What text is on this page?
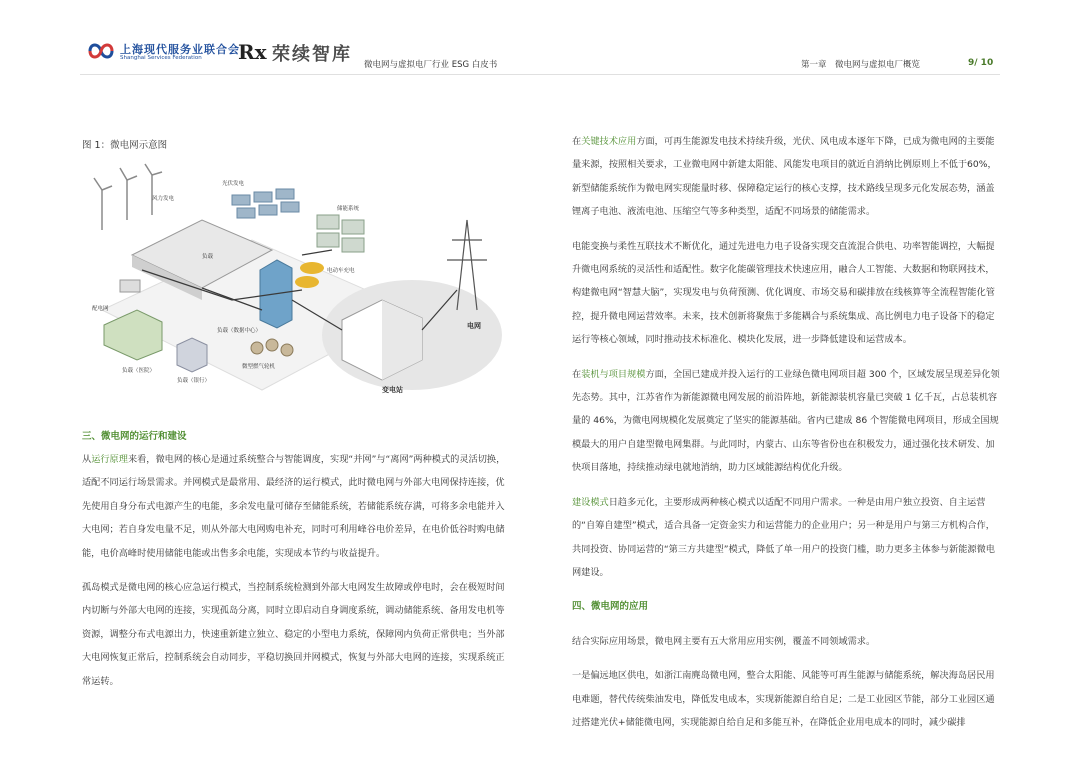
上海现代服务业联合会
Shanghai Services Federation Rx 荣续智库 微电网与虚拟电厂行业 ESG 白皮书	第一章　微电网与虚拟电厂概览	9/ 10
图 1：微电网示意图
风力发电
光伏发电
储能系统
电动车充电
负载
配电网
负载（数据中心）
负载（医院）
负载（银行）
微型燃气轮机
变电站
电网
三、微电网的运行和建设

从运行原理来看，微电网的核心是通过系统整合与智能调度，实现“并网”与“离网”两种模式的灵活切换，适配不同运行场景需求。并网模式是最常用、最经济的运行模式，此时微电网与外部大电网保持连接，优先使用自身分布式电源产生的电能，多余发电量可储存至储能系统，若储能系统存满，可将多余电能并入大电网；若自身发电量不足，则从外部大电网购电补充，同时可利用峰谷电价差异，在电价低谷时购电储能，电价高峰时使用储能电能或出售多余电能，实现成本节约与收益提升。

孤岛模式是微电网的核心应急运行模式，当控制系统检测到外部大电网发生故障或停电时，会在极短时间内切断与外部大电网的连接，实现孤岛分离，同时立即启动自身调度系统，调动储能系统、备用发电机等资源，调整分布式电源出力，快速重新建立独立、稳定的小型电力系统，保障网内负荷正常供电；当外部大电网恢复正常后，控制系统会自动同步，平稳切换回并网模式，恢复与外部大电网的连接，实现系统正常运转。

在关键技术应用方面，可再生能源发电技术持续升级，光伏、风电成本逐年下降，已成为微电网的主要能量来源，按照相关要求，工业微电网中新建太阳能、风能发电项目的就近自消纳比例原则上不低于60%，新型储能系统作为微电网实现能量时移、保障稳定运行的核心支撑，技术路线呈现多元化发展态势，涵盖锂离子电池、液流电池、压缩空气等多种类型，适配不同场景的储能需求。

电能变换与柔性互联技术不断优化，通过先进电力电子设备实现交直流混合供电、功率智能调控，大幅提升微电网系统的灵活性和适配性。数字化能碳管理技术快速应用，融合人工智能、大数据和物联网技术，构建微电网“智慧大脑”，实现发电与负荷预测、优化调度、市场交易和碳排放在线核算等全流程智能化管控，提升微电网运营效率。未来，技术创新将聚焦于多能耦合与系统集成、高比例电力电子设备下的稳定运行等核心领域，同时推动技术标准化、模块化发展，进一步降低建设和运营成本。

在装机与项目规模方面，全国已建成并投入运行的工业绿色微电网项目超 300 个，区域发展呈现差异化领先态势。其中，江苏省作为新能源微电网发展的前沿阵地，新能源装机容量已突破 1 亿千瓦，占总装机容量的 46%，为微电网规模化发展奠定了坚实的能源基础。省内已建成 86 个智能微电网项目，形成全国规模最大的用户自建型微电网集群。与此同时，内蒙古、山东等省份也在积极发力，通过强化技术研发、加快项目落地，持续推动绿电就地消纳，助力区域能源结构优化升级。

建设模式日趋多元化，主要形成两种核心模式以适配不同用户需求。一种是由用户独立投资、自主运营的“自筹自建型”模式，适合具备一定资金实力和运营能力的企业用户；另一种是用户与第三方机构合作，共同投资、协同运营的“第三方共建型”模式，降低了单一用户的投资门槛，助力更多主体参与新能源微电网建设。

四、微电网的应用

结合实际应用场景，微电网主要有五大常用应用实例，覆盖不同领域需求。

一是偏远地区供电，如浙江南麂岛微电网，整合太阳能、风能等可再生能源与储能系统，解决海岛居民用电难题，替代传统柴油发电，降低发电成本，实现新能源自给自足；二是工业园区节能，部分工业园区通过搭建光伏+储能微电网，实现能源自给自足和多能互补，在降低企业用电成本的同时，减少碳排
